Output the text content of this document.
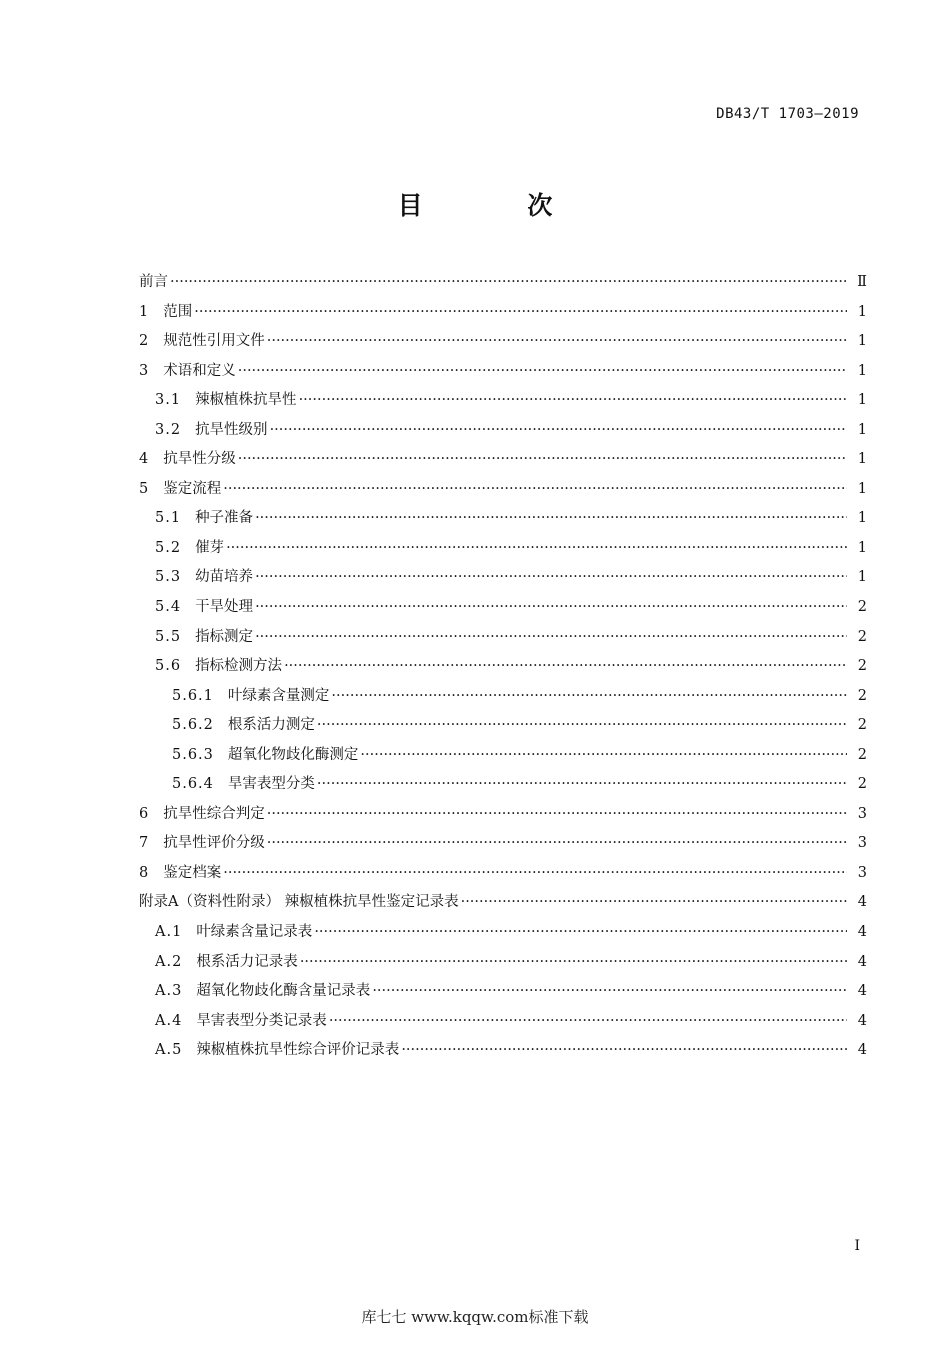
DB43/T 1703—2019
目 次
前言 ·····	Ⅱ
1 范围 ·····	1
2 规范性引用文件 ·····	1
3 术语和定义 ·····	1
3.1 辣椒植株抗旱性 ·····	1
3.2 抗旱性级别 ·····	1
4 抗旱性分级 ·····	1
5 鉴定流程 ·····	1
5.1 种子准备 ·····	1
5.2 催芽 ·····	1
5.3 幼苗培养 ·····	1
5.4 干旱处理 ·····	2
5.5 指标测定 ·····	2
5.6 指标检测方法 ·····	2
5.6.1 叶绿素含量测定 ·····	2
5.6.2 根系活力测定 ·····	2
5.6.3 超氧化物歧化酶测定 ·····	2
5.6.4 旱害表型分类 ·····	2
6 抗旱性综合判定 ·····	3
7 抗旱性评价分级 ·····	3
8 鉴定档案 ·····	3
附录A（资料性附录） 辣椒植株抗旱性鉴定记录表 ·····	4
A.1 叶绿素含量记录表 ·····	4
A.2 根系活力记录表 ·····	4
A.3 超氧化物歧化酶含量记录表 ·····	4
A.4 旱害表型分类记录表 ·····	4
A.5 辣椒植株抗旱性综合评价记录表 ·····	4
I
库七七 www.kqqw.com标准下载
